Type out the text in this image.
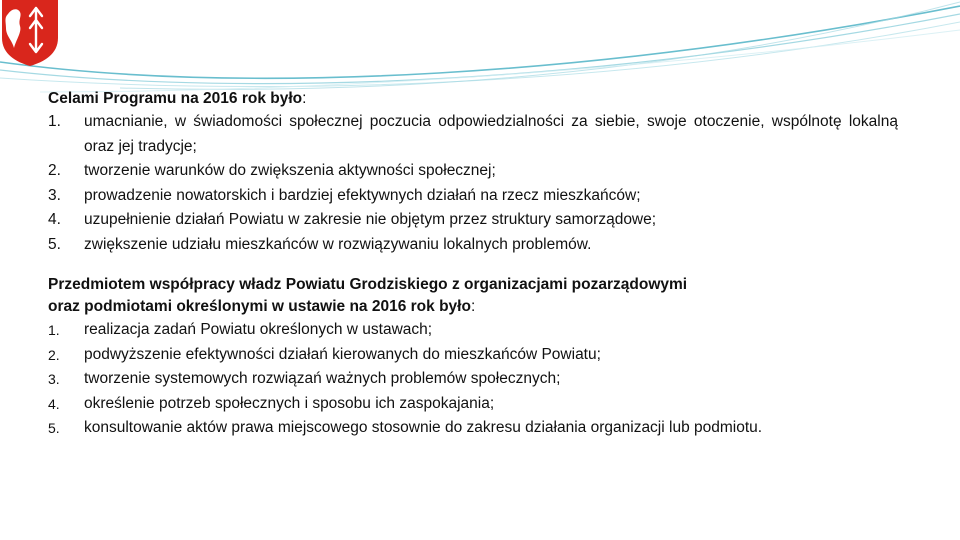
Celami Programu na 2016 rok było:

1. umacnianie, w świadomości społecznej poczucia odpowiedzialności za siebie, swoje otoczenie, wspólnotę lokalną oraz jej tradycje;
2. tworzenie warunków do zwiększenia aktywności społecznej;
3. prowadzenie nowatorskich i bardziej efektywnych działań na rzecz mieszkańców;
4. uzupełnienie działań Powiatu w zakresie nie objętym przez struktury samorządowe;
5. zwiększenie udziału mieszkańców w rozwiązywaniu lokalnych problemów.

Przedmiotem współpracy władz Powiatu Grodziskiego z organizacjami pozarządowymi
oraz podmiotami określonymi w ustawie na 2016 rok było:

1. realizacja zadań Powiatu określonych w ustawach;
2. podwyższenie efektywności działań kierowanych do mieszkańców Powiatu;
3. tworzenie systemowych rozwiązań ważnych problemów społecznych;
4. określenie potrzeb społecznych i sposobu ich zaspokajania;
5. konsultowanie aktów prawa miejscowego stosownie do zakresu działania organizacji lub podmiotu.
